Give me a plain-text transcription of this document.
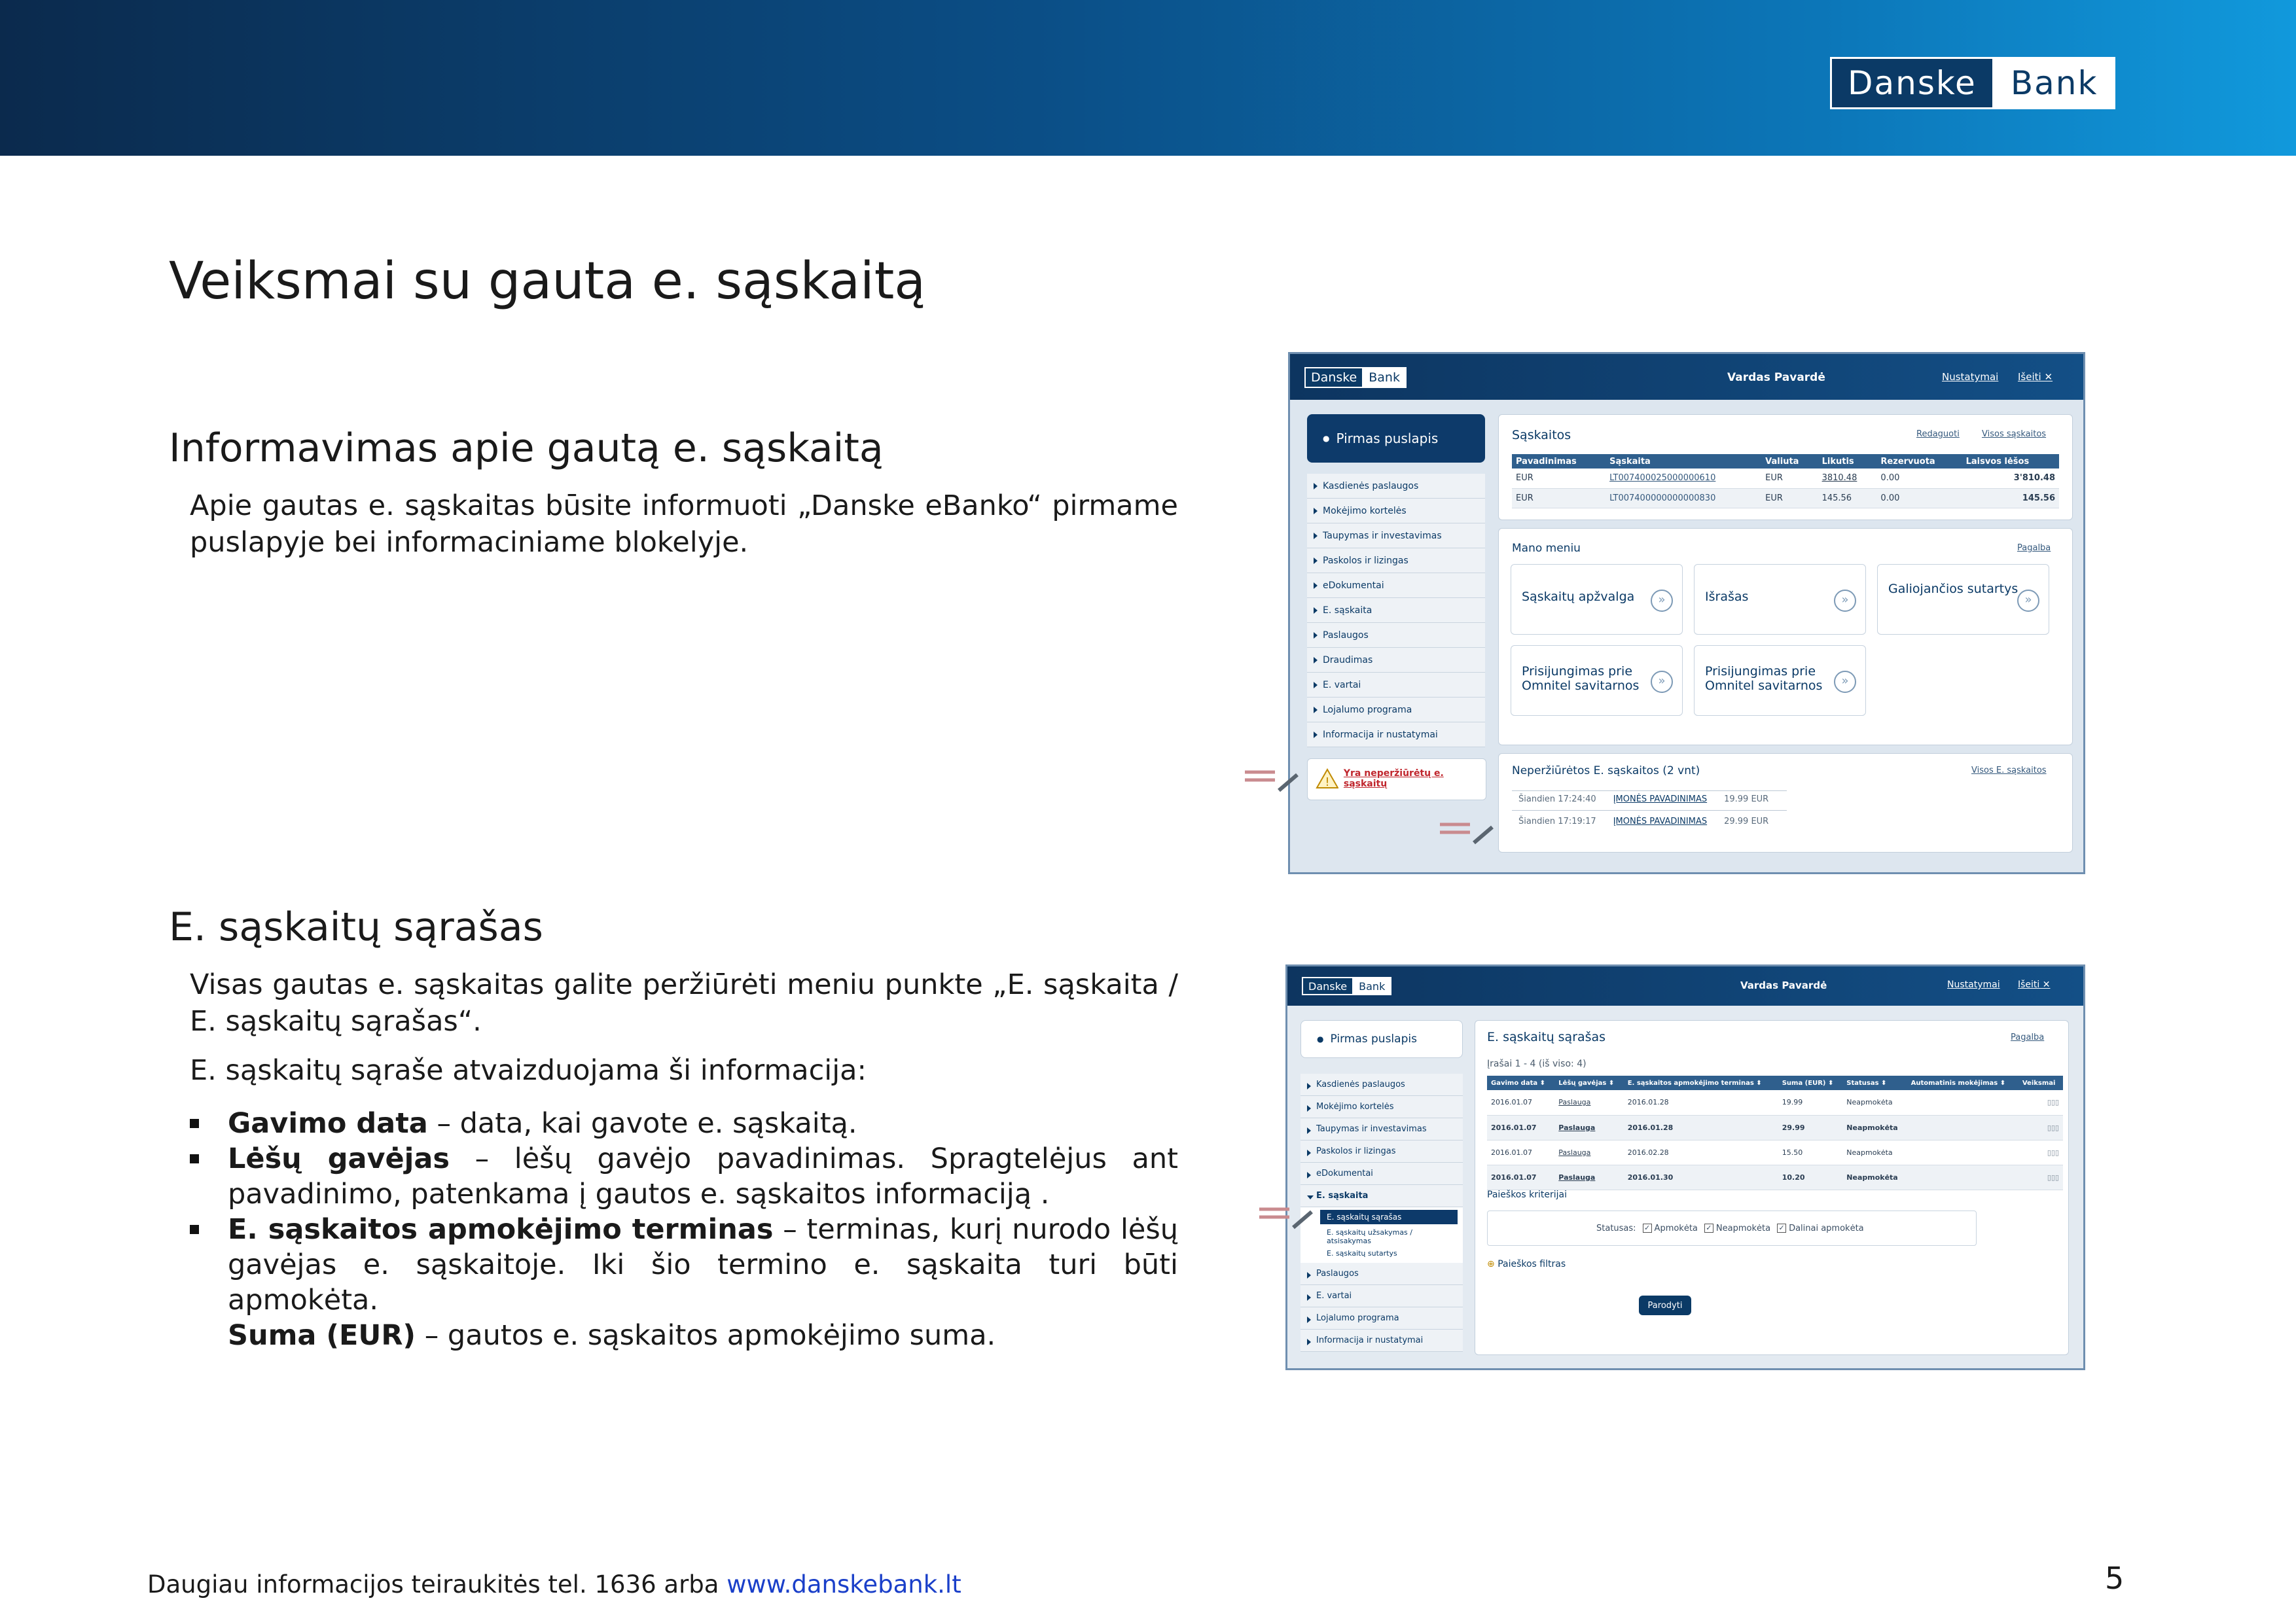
Danske	Bank
Veiksmai su gauta e. sąskaitą
Informavimas apie gautą e. sąskaitą

Apie gautas e. sąskaitas būsite informuoti „Danske eBanko“ pirmame puslapyje bei informaciniame blokelyje.

E. sąskaitų sąrašas

Visas gautas e. sąskaitas galite peržiūrėti meniu punkte „E. sąskaita / E. sąskaitų sąrašas“.

E. sąskaitų sąraše atvaizduojama ši informacija:

Gavimo data – data, kai gavote e. sąskaitą.
Lėšų gavėjas – lėšų gavėjo pavadinimas. Spragtelėjus ant pavadinimo, patenkama į gautos e. sąskaitos informaciją .
E. sąskaitos apmokėjimo terminas – terminas, kurį nurodo lėšų gavėjas e. sąskaitoje. Iki šio termino e. sąskaita turi būti apmokėta.
Suma (EUR) – gautos e. sąskaitos apmokėjimo suma.
Daugiau informacijos teiraukitės tel. 1636 arba www.danskebank.lt	5
Danske Bank	Vardas Pavardė	Nustatymai Išeiti ✕
● Pirmas puslapis
Kasdienės paslaugos
Mokėjimo kortelės
Taupymas ir investavimas
Paskolos ir lizingas
eDokumentai
E. sąskaita
Paslaugos
Draudimas
E. vartai
Lojalumo programa
Informacija ir nustatymai
!
Yra neperžiūrėtų e. sąskaitų
Sąskaitos	Redaguoti	Visos sąskaitos
Pavadinimas	Sąskaita	Valiuta	Likutis	Rezervuota	Laisvos lėšos
EUR	LT007400025000000610	EUR	3810.48	0.00	3'810.48
EUR	LT007400000000000830	EUR	145.56	0.00	145.56
Mano meniu	Pagalba
Sąskaitų apžvalga	»	Išrašas	»
Galiojančios sutartys
»
Prisijungimas prie Omnitel savitarnos	»
Prisijungimas prie Omnitel savitarnos	»
Neperžiūrėtos E. sąskaitos (2 vnt)	Visos E. sąskaitos
Šiandien 17:24:40 ĮMONĖS PAVADINIMAS 19.99 EUR
Šiandien 17:19:17 ĮMONĖS PAVADINIMAS 29.99 EUR
Danske	Bank	Vardas Pavardė	Nustatymai Išeiti ✕
● Pirmas puslapis
Kasdienės paslaugos
Mokėjimo kortelės
Taupymas ir investavimas
Paskolos ir lizingas
eDokumentai
E. sąskaita
E. sąskaitų sąrašas
E. sąskaitų užsakymas / atsisakymas
E. sąskaitų sutartys
Paslaugos
E. vartai
Lojalumo programa
Informacija ir nustatymai
E. sąskaitų sąrašas	Pagalba
Įrašai 1 - 4 (iš viso: 4)
Gavimo data ⬍	Lėšų gavėjas ⬍	E. sąskaitos apmokėjimo terminas ⬍	Suma (EUR) ⬍	Statusas ⬍	Automatinis mokėjimas ⬍	Veiksmai
2016.01.07	Paslauga	2016.01.28	19.99	Neapmokėta		▯▯▯
2016.01.07	Paslauga	2016.01.28	29.99	Neapmokėta		▯▯▯
2016.01.07	Paslauga	2016.02.28	15.50	Neapmokėta		▯▯▯
2016.01.07	Paslauga	2016.01.30	10.20	Neapmokėta		▯▯▯
Paieškos kriterijai
Statusas: ✓ Apmokėta ✓ Neapmokėta ✓ Dalinai apmokėta
⊕ Paieškos filtras
Parodyti
